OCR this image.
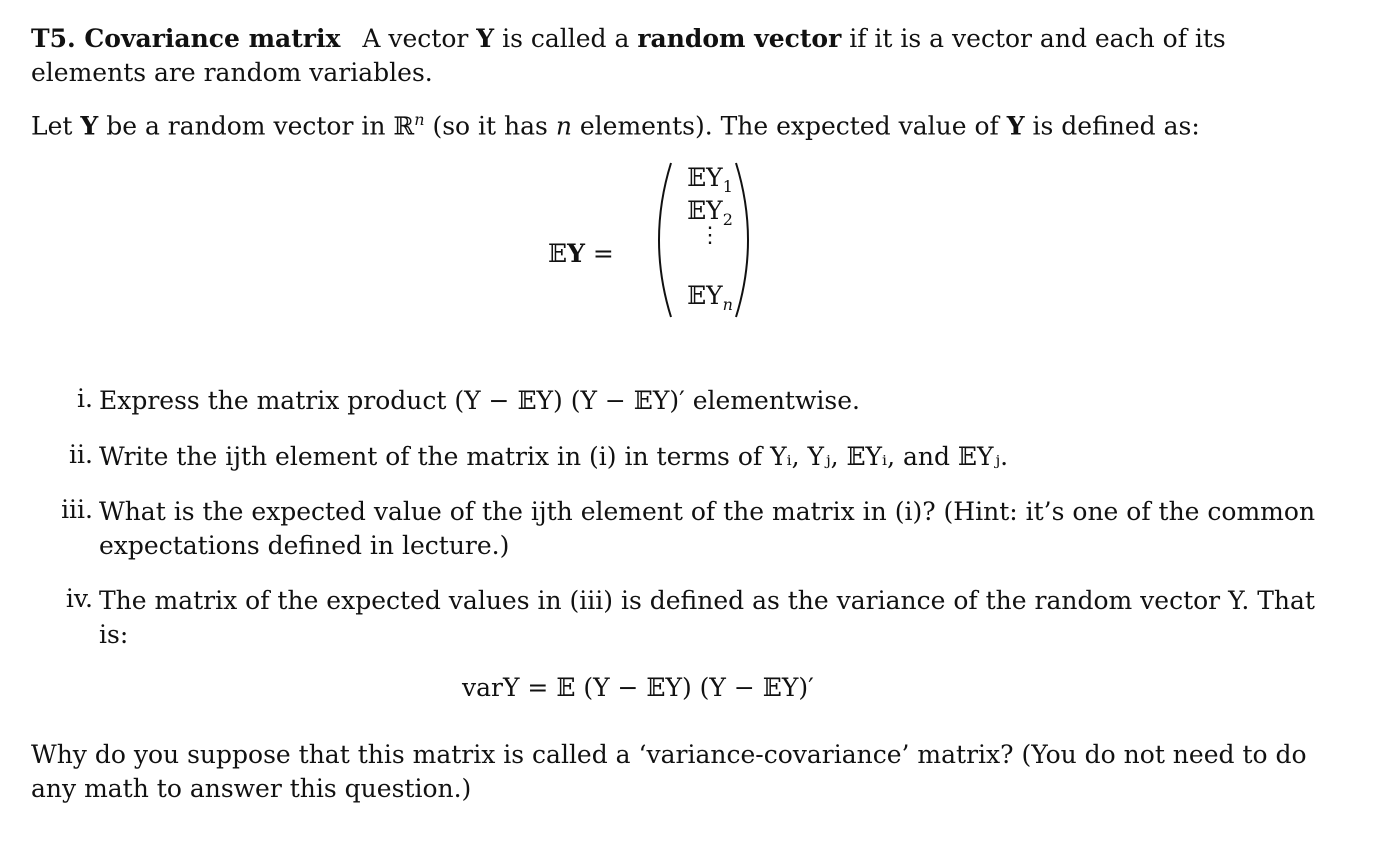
T5. Covariance matrix A vector Y is called a random vector if it is a vector and each of its elements are random variables.

Let Y be a random vector in ℝ$^n$ (so it has n elements). The expected value of Y is defined as:

𝔼Y =
𝔼Y$_1$
𝔼Y$_2$
⋮
𝔼Y$_n$
i. Express the matrix product (Y − 𝔼Y) (Y − 𝔼Y)′ elementwise.
ii. Write the ijth element of the matrix in (i) in terms of Yᵢ, Yⱼ, 𝔼Yᵢ, and 𝔼Yⱼ.
iii. What is the expected value of the ijth element of the matrix in (i)? (Hint: it’s one of the common expectations defined in lecture.)
iv. The matrix of the expected values in (iii) is defined as the variance of the random vector Y. That is:
varY = 𝔼 (Y − 𝔼Y) (Y − 𝔼Y)′

Why do you suppose that this matrix is called a ‘variance-covariance’ matrix? (You do not need to do any math to answer this question.)
